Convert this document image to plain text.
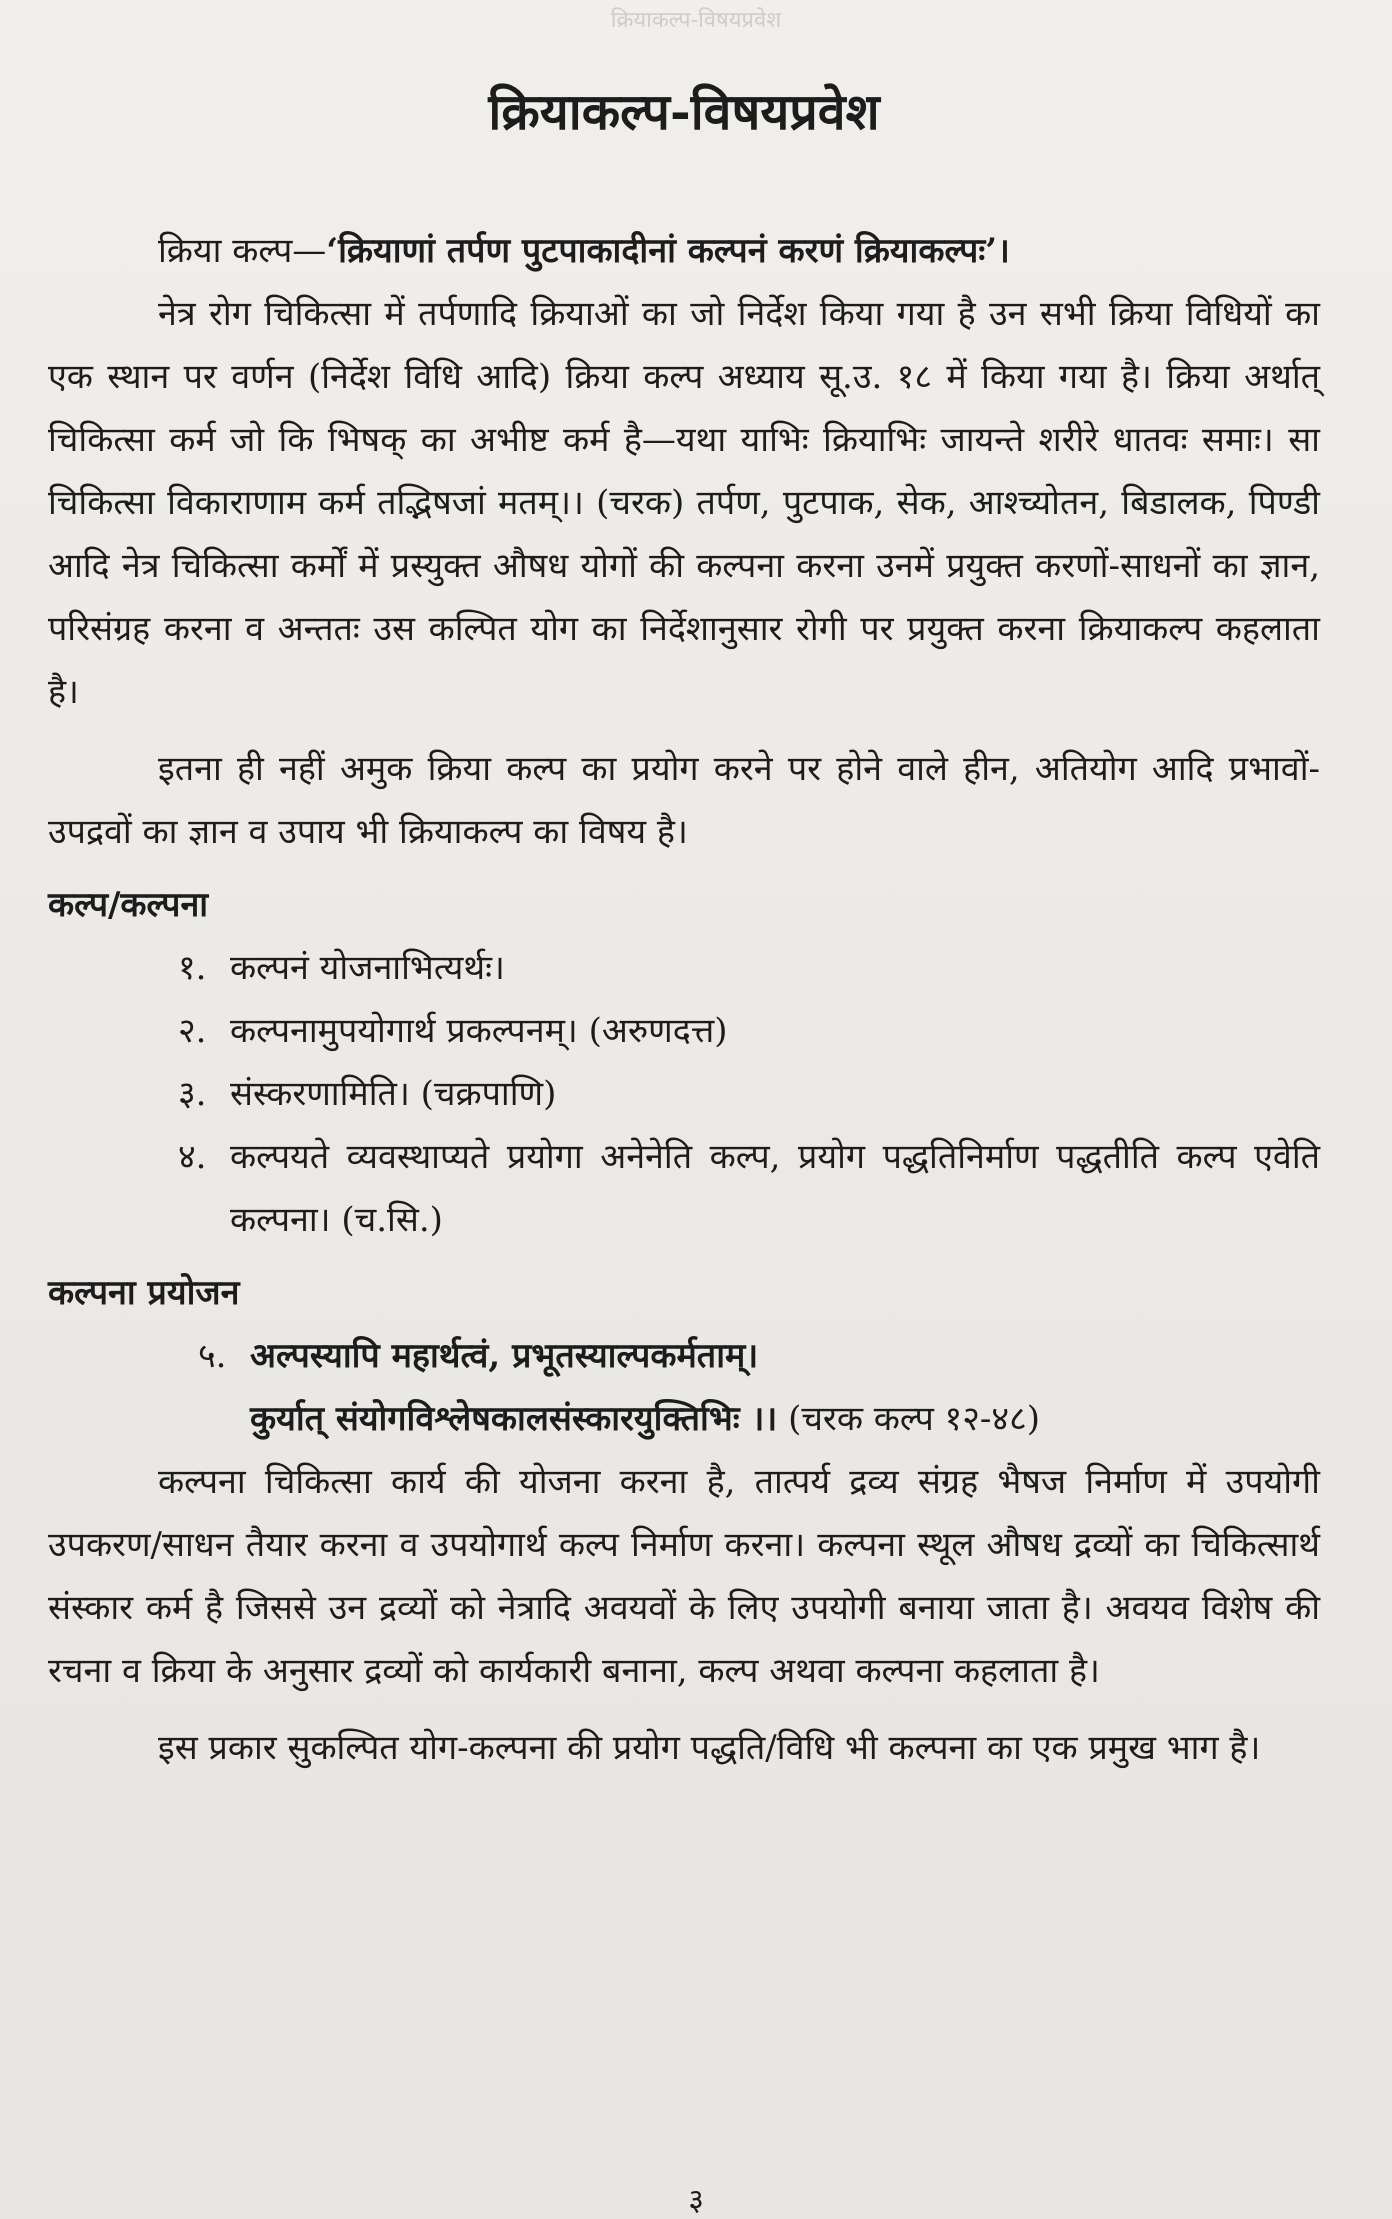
क्रियाकल्प-विषयप्रवेश
क्रियाकल्प-विषयप्रवेश

क्रिया कल्प—‘क्रियाणां तर्पण पुटपाकादीनां कल्पनं करणं क्रियाकल्पः’।

नेत्र रोग चिकित्सा में तर्पणादि क्रियाओं का जो निर्देश किया गया है उन सभी क्रिया विधियों का एक स्थान पर वर्णन (निर्देश विधि आदि) क्रिया कल्प अध्याय सू.उ. १८ में किया गया है। क्रिया अर्थात् चिकित्सा कर्म जो कि भिषक् का अभीष्ट कर्म है—यथा याभिः क्रियाभिः जायन्ते शरीरे धातवः समाः। सा चिकित्सा विकाराणाम कर्म तद्भिषजां मतम्।। (चरक) तर्पण, पुटपाक, सेक, आश्च्योतन, बिडालक, पिण्डी आदि नेत्र चिकित्सा कर्मों में प्रस्युक्त औषध योगों की कल्पना करना उनमें प्रयुक्त करणों-साधनों का ज्ञान, परिसंग्रह करना व अन्ततः उस कल्पित योग का निर्देशानुसार रोगी पर प्रयुक्त करना क्रियाकल्प कहलाता है।

इतना ही नहीं अमुक क्रिया कल्प का प्रयोग करने पर होने वाले हीन, अतियोग आदि प्रभावों-उपद्रवों का ज्ञान व उपाय भी क्रियाकल्प का विषय है।

कल्प/कल्पना
१. कल्पनं योजनाभित्यर्थः।
२. कल्पनामुपयोगार्थ प्रकल्पनम्। (अरुणदत्त)
३. संस्करणामिति। (चक्रपाणि)
४. कल्पयते व्यवस्थाप्यते प्रयोगा अनेनेति कल्प, प्रयोग पद्धतिनिर्माण पद्धतीति कल्प एवेति कल्पना। (च.सि.)
कल्पना प्रयोजन
५. अल्पस्यापि महार्थत्वं, प्रभूतस्याल्पकर्मताम्।
कुर्यात् संयोगविश्लेषकालसंस्कारयुक्तिभिः ।। (चरक कल्प १२-४८)

कल्पना चिकित्सा कार्य की योजना करना है, तात्पर्य द्रव्य संग्रह भैषज निर्माण में उपयोगी उपकरण/साधन तैयार करना व उपयोगार्थ कल्प निर्माण करना। कल्पना स्थूल औषध द्रव्यों का चिकित्सार्थ संस्कार कर्म है जिससे उन द्रव्यों को नेत्रादि अवयवों के लिए उपयोगी बनाया जाता है। अवयव विशेष की रचना व क्रिया के अनुसार द्रव्यों को कार्यकारी बनाना, कल्प अथवा कल्पना कहलाता है।

इस प्रकार सुकल्पित योग-कल्पना की प्रयोग पद्धति/विधि भी कल्पना का एक प्रमुख भाग है।

३
